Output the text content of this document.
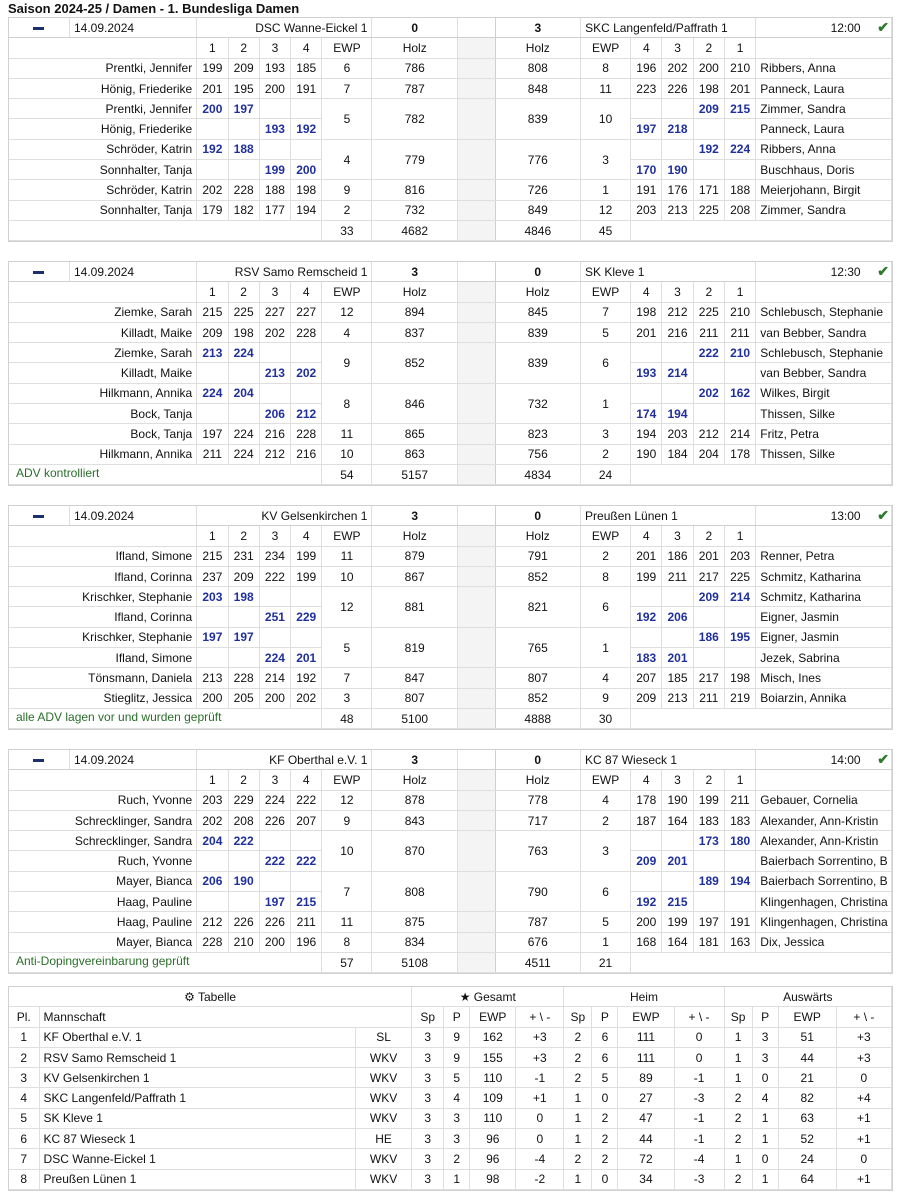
Saison 2024-25 / Damen - 1. Bundesliga Damen
	14.09.2024	DSC Wanne-Eickel 1					0		3	SKC Langenfeld/Paffrath 1					12:00 ✔
		1	2	3	4	EWP	Holz		Holz	EWP	4	3	2	1	
Prentki, Jennifer		199	209	193	185	6	786		808	8	196	202	200	210	Ribbers, Anna
Hönig, Friederike		201	195	200	191	7	787		848	11	223	226	198	201	Panneck, Laura
Prentki, Jennifer		200	197			5	782		839	10			209	215	Zimmer, Sandra
Hönig, Friederike				193	192						197	218			Panneck, Laura
Schröder, Katrin		192	188			4	779		776	3			192	224	Ribbers, Anna
Sonnhalter, Tanja				199	200						170	190			Buschhaus, Doris
Schröder, Katrin		202	228	188	198	9	816		726	1	191	176	171	188	Meierjohann, Birgit
Sonnhalter, Tanja		179	182	177	194	2	732		849	12	203	213	225	208	Zimmer, Sandra
						33	4682		4846	45					
	14.09.2024	RSV Samo Remscheid 1					3		0	SK Kleve 1					12:30 ✔
		1	2	3	4	EWP	Holz		Holz	EWP	4	3	2	1	
Ziemke, Sarah		215	225	227	227	12	894		845	7	198	212	225	210	Schlebusch, Stephanie
Killadt, Maike		209	198	202	228	4	837		839	5	201	216	211	211	van Bebber, Sandra
Ziemke, Sarah		213	224			9	852		839	6			222	210	Schlebusch, Stephanie
Killadt, Maike				213	202						193	214			van Bebber, Sandra
Hilkmann, Annika		224	204			8	846		732	1			202	162	Wilkes, Birgit
Bock, Tanja				206	212						174	194			Thissen, Silke
Bock, Tanja		197	224	216	228	11	865		823	3	194	203	212	214	Fritz, Petra
Hilkmann, Annika		211	224	212	216	10	863		756	2	190	184	204	178	Thissen, Silke
						54	5157		4834	24					
	14.09.2024	KV Gelsenkirchen 1					3		0	Preußen Lünen 1					13:00 ✔
		1	2	3	4	EWP	Holz		Holz	EWP	4	3	2	1	
Ifland, Simone		215	231	234	199	11	879		791	2	201	186	201	203	Renner, Petra
Ifland, Corinna		237	209	222	199	10	867		852	8	199	211	217	225	Schmitz, Katharina
Krischker, Stephanie		203	198			12	881		821	6			209	214	Schmitz, Katharina
Ifland, Corinna				251	229						192	206			Eigner, Jasmin
Krischker, Stephanie		197	197			5	819		765	1			186	195	Eigner, Jasmin
Ifland, Simone				224	201						183	201			Jezek, Sabrina
Tönsmann, Daniela		213	228	214	192	7	847		807	4	207	185	217	198	Misch, Ines
Stieglitz, Jessica		200	205	200	202	3	807		852	9	209	213	211	219	Boiarzin, Annika
						48	5100		4888	30					
	14.09.2024	KF Oberthal e.V. 1					3		0	KC 87 Wieseck 1					14:00 ✔
		1	2	3	4	EWP	Holz		Holz	EWP	4	3	2	1	
Ruch, Yvonne		203	229	224	222	12	878		778	4	178	190	199	211	Gebauer, Cornelia
Schrecklinger, Sandra		202	208	226	207	9	843		717	2	187	164	183	183	Alexander, Ann-Kristin
Schrecklinger, Sandra		204	222			10	870		763	3			173	180	Alexander, Ann-Kristin
Ruch, Yvonne				222	222						209	201			Baierbach Sorrentino, B
Mayer, Bianca		206	190			7	808		790	6			189	194	Baierbach Sorrentino, B
Haag, Pauline				197	215						192	215			Klingenhagen, Christina
Haag, Pauline		212	226	226	211	11	875		787	5	200	199	197	191	Klingenhagen, Christina
Mayer, Bianca		228	210	200	196	8	834		676	1	168	164	181	163	Dix, Jessica
						57	5108		4511	21					
ADV kontrolliert
alle ADV lagen vor und wurden geprüft
Anti-Dopingvereinbarung geprüft
⚙ Tabelle			★ Gesamt				Heim				Auswärts			
Pl.	Mannschaft		Sp	P	EWP	+ \ -	Sp	P	EWP	+ \ -	Sp	P	EWP	+ \ -
1	KF Oberthal e.V. 1	SL	3	9	162	+3	2	6	111	0	1	3	51	+3
2	RSV Samo Remscheid 1	WKV	3	9	155	+3	2	6	111	0	1	3	44	+3
3	KV Gelsenkirchen 1	WKV	3	5	110	-1	2	5	89	-1	1	0	21	0
4	SKC Langenfeld/Paffrath 1	WKV	3	4	109	+1	1	0	27	-3	2	4	82	+4
5	SK Kleve 1	WKV	3	3	110	0	1	2	47	-1	2	1	63	+1
6	KC 87 Wieseck 1	HE	3	3	96	0	1	2	44	-1	2	1	52	+1
7	DSC Wanne-Eickel 1	WKV	3	2	96	-4	2	2	72	-4	1	0	24	0
8	Preußen Lünen 1	WKV	3	1	98	-2	1	0	34	-3	2	1	64	+1
